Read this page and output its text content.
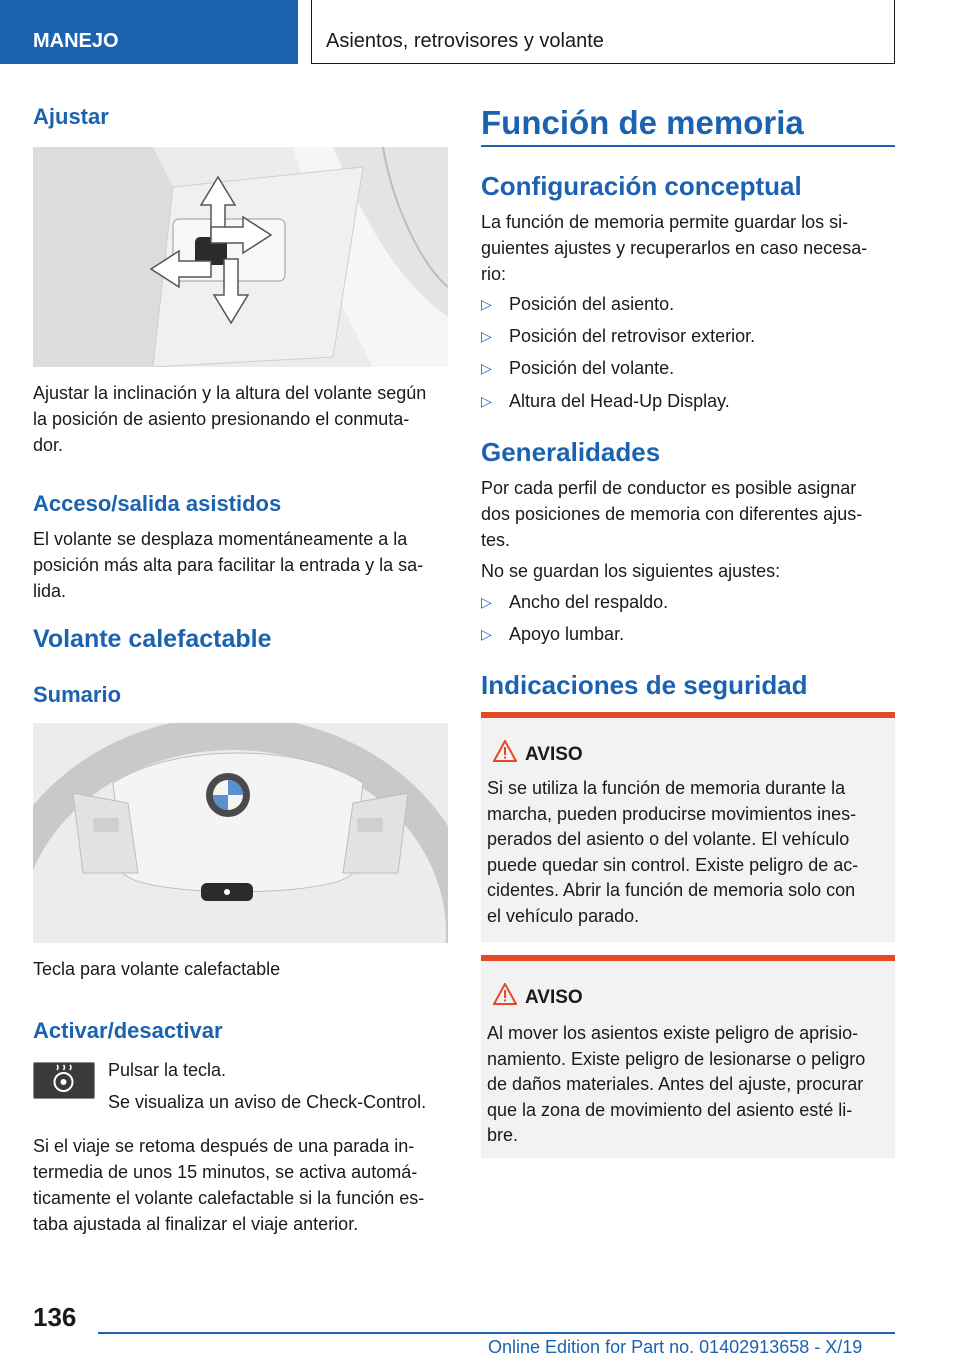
MANEJO	Asientos, retrovisores y volante
Ajustar
Ajustar la inclinación y la altura del volante según
la posición de asiento presionando el conmuta-
dor.
Acceso/salida asistidos
El volante se desplaza momentáneamente a la
posición más alta para facilitar la entrada y la sa-
lida.
Volante calefactable
Sumario
Tecla para volante calefactable
Activar/desactivar
Pulsar la tecla.
Se visualiza un aviso de Check-Control.
Si el viaje se retoma después de una parada in-
termedia de unos 15 minutos, se activa automá-
ticamente el volante calefactable si la función es-
taba ajustada al finalizar el viaje anterior.
Función de memoria
Configuración conceptual
La función de memoria permite guardar los si-
guientes ajustes y recuperarlos en caso necesa-
rio:
▷ Posición del asiento.
▷ Posición del retrovisor exterior.
▷ Posición del volante.
▷ Altura del Head-Up Display.
Generalidades
Por cada perfil de conductor es posible asignar
dos posiciones de memoria con diferentes ajus-
tes.
No se guardan los siguientes ajustes:
▷ Ancho del respaldo.
▷ Apoyo lumbar.
Indicaciones de seguridad
AVISO
Si se utiliza la función de memoria durante la
marcha, pueden producirse movimientos ines-
perados del asiento o del volante. El vehículo
puede quedar sin control. Existe peligro de ac-
cidentes. Abrir la función de memoria solo con
el vehículo parado.
AVISO
Al mover los asientos existe peligro de aprisio-
namiento. Existe peligro de lesionarse o peligro
de daños materiales. Antes del ajuste, procurar
que la zona de movimiento del asiento esté li-
bre.
136
Online Edition for Part no. 01402913658 - X/19
